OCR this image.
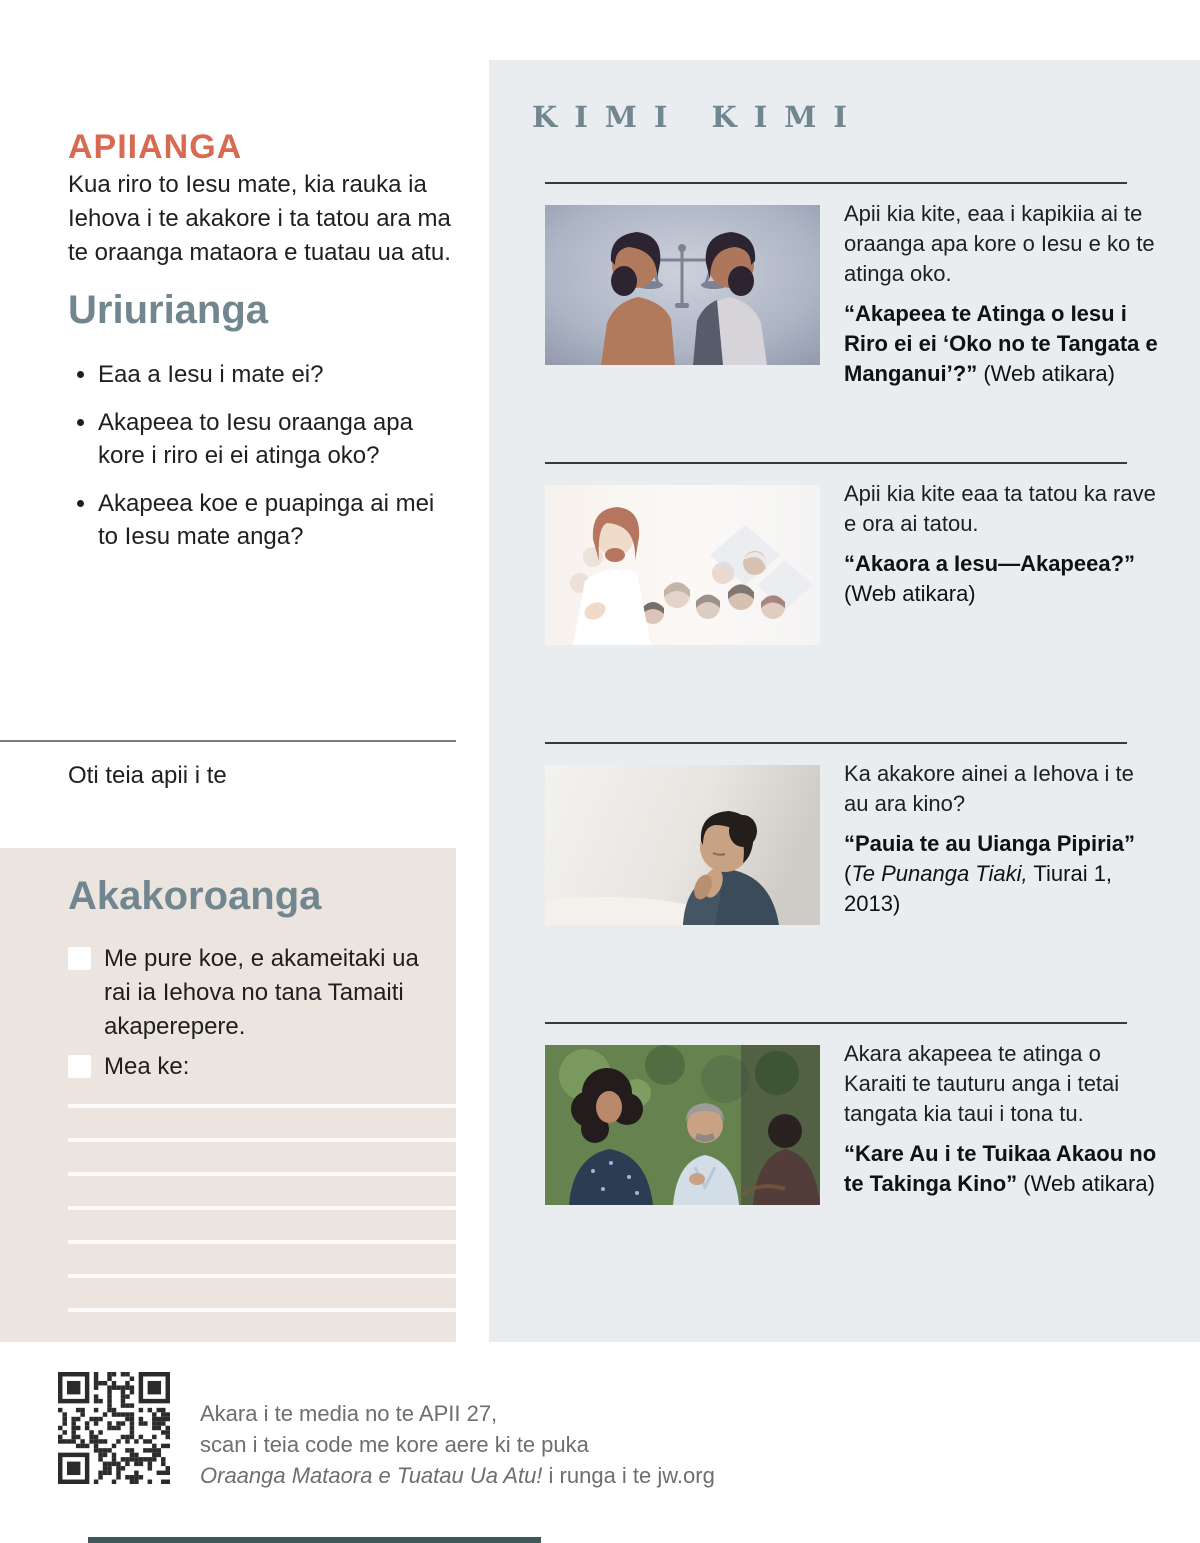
APIIANGA

Kua riro to Iesu mate, kia rauka ia Iehova i te akakore i ta tatou ara ma te oraanga mataora e tuatau ua atu.

Uriurianga
• Eaa a Iesu i mate ei?
• Akapeea to Iesu oraanga apa kore i riro ei ei atinga oko?
• Akapeea koe e puapinga ai mei to Iesu mate anga?

Oti teia apii i te

Akakoroanga

Me pure koe, e akameitaki ua rai ia Iehova no tana Tamaiti akaperepere.

Mea ke:

Akara i te media no te APII 27,
scan i teia code me kore aere ki te puka
Oraanga Mataora e Tuatau Ua Atu! i runga i te jw.org
KIMI KIMI

Apii kia kite, eaa i kapikiia ai te oraanga apa kore o Iesu e ko te atinga oko.

“Akapeea te Atinga o Iesu i Riro ei ei ‘Oko no te Tangata e Manganui’?” (Web atikara)

Apii kia kite eaa ta tatou ka rave e ora ai tatou.

“Akaora a Iesu—Akapeea?” (Web atikara)

Ka akakore ainei a Iehova i te au ara kino?

“Pauia te au Uianga Pipiria” (Te Punanga Tiaki, Tiurai 1, 2013)

Akara akapeea te atinga o Karaiti te tauturu anga i tetai tangata kia taui i tona tu.

“Kare Au i te Tuikaa Akaou no te Takinga Kino” (Web atikara)
